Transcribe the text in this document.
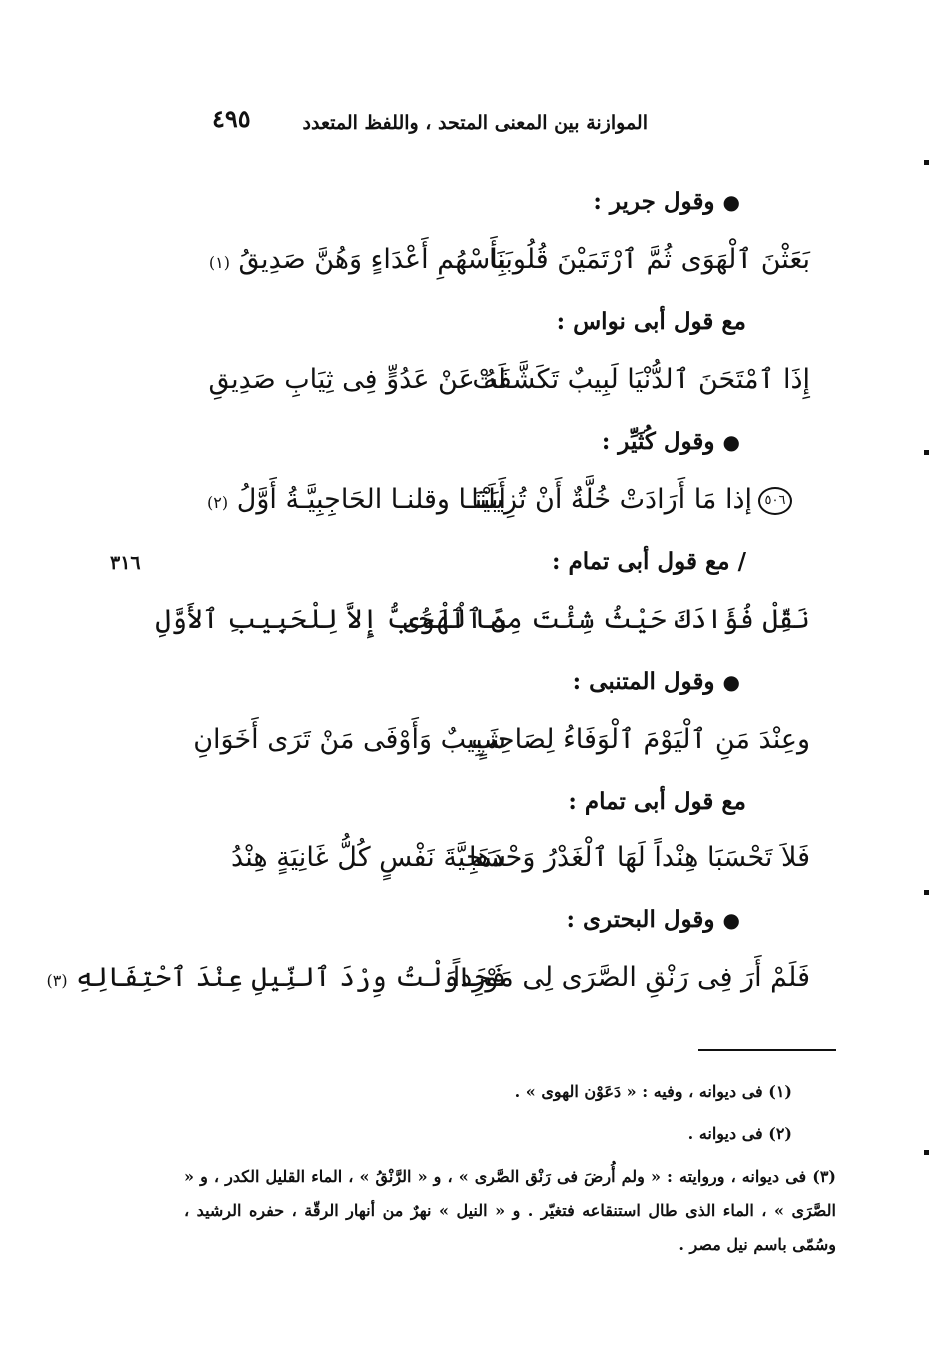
الموازنة بين المعنى المتحد ، واللفظ المتعدد
٤٩٥
٣١٦
●وقول جرير :
بَعَثْنَ ٱلْهَوَى ثُمَّ ٱرْتَمَيْنَ قُلُوبَنَا
بِأَسْهُمِ أَعْدَاءٍ وَهُنَّ صَدِيقُ (١)
مع قول أبى نواس :
إِذَا ٱمْتَحَنَ ٱلدُّنْيَا لَبِيبٌ تَكَشَّفَتْ
لَهُ عَنْ عَدُوٍّ فِى ثِيَابِ صَدِيقِ
●وقول كُثَيِّر :
٥٠٦إذا مَا أَرَادَتْ خُلَّةٌ أَنْ تُزِيلَنَا
أَبَيْنَـا وقلنـا الحَاجِبِيَّـةُ أَوَّلُ (٢)
/ مع قول أبى تمام :
نَقِّلْ فُؤَادَكَ حَيْثُ شِئْتَ مِنَ ٱلْهَوَى
مَا ٱلْحُبُّ إِلاَّ لِلْحَبِيبِ ٱلأَوَّلِ
●وقول المتنبى :
وعِنْدَ مَنِ ٱلْيَوْمَ ٱلْوَفَاءُ لِصَاحِبٍ
شَبِيبٌ وَأَوْفَى مَنْ تَرَى أَخَوَانِ
مع قول أبى تمام :
فَلاَ تَحْسَبَا هِنْداً لَهَا ٱلْغَدْرُ وَحْدَهَا
سَجِيَّةَ نَفْسٍ كُلُّ غَانِيَةٍ هِنْدُ
●وقول البحترى :
فَلَمْ أَرَ فِى رَنْقِ الصَّرَى لِى مَوْرِداً
فَحَاوَلْتُ وِرْدَ ٱلنِّيلِ عِنْدَ ٱحْتِفَالِهِ (٣)
(١) فى ديوانه ، وفيه : « دَعَوْن الهوى » .
(٢) فى ديوانه .
(٣) فى ديوانه ، وروايته : « ولم أُرضَ فى رَنْق الصَّرى » ، و « الرَّنْقُ » ، الماء القليل الكدر ، و « الصَّرَى » ، الماء الذى طال استنقاعه فتغيّر . و « النيل » نهرٌ من أنهار الرقّة ، حفره الرشيد ، وسُمّى باسم نيل مصر .
